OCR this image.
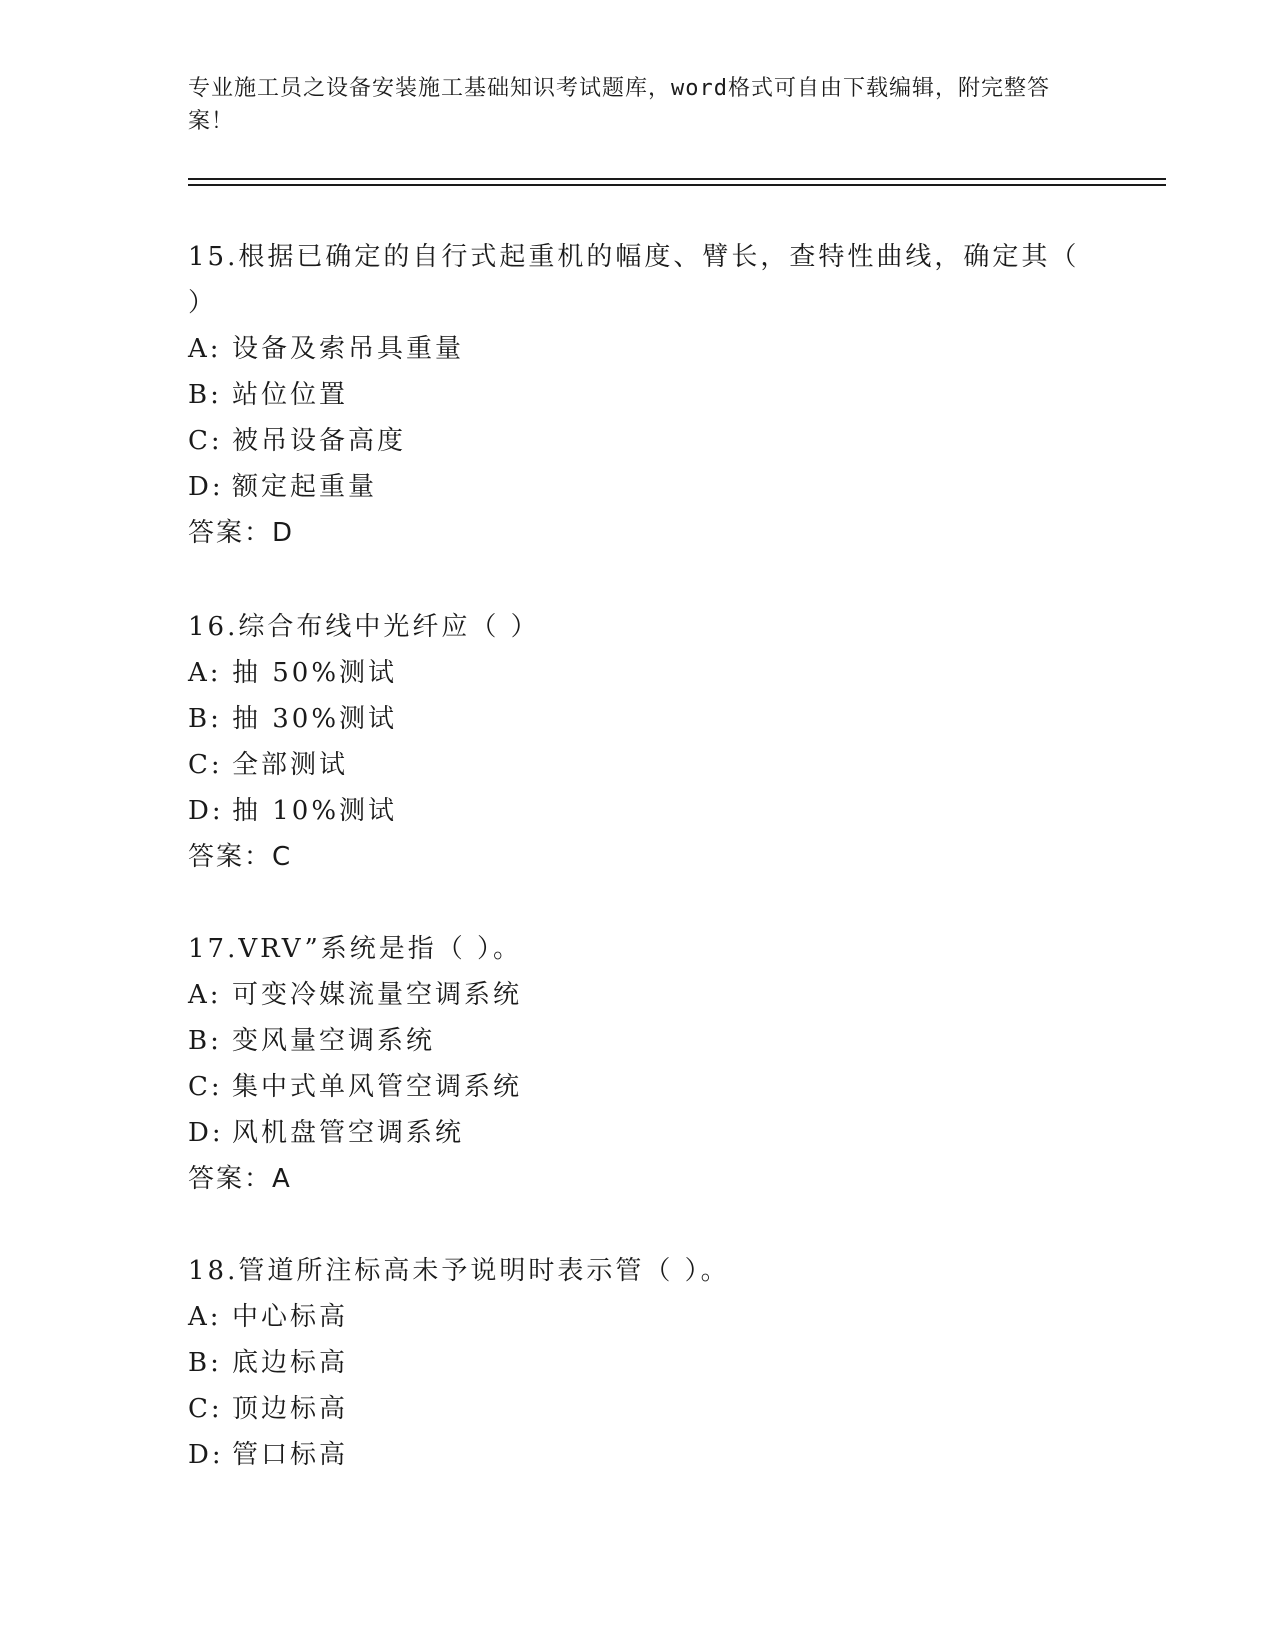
专业施工员之设备安装施工基础知识考试题库，word格式可自由下载编辑，附完整答案！

15.根据已确定的自行式起重机的幅度、臂长，查特性曲线，确定其（ ）

A: 设备及索吊具重量
B: 站位位置
C: 被吊设备高度
D: 额定起重量
答案：D

16.综合布线中光纤应（ ）

A: 抽 50%测试
B: 抽 30%测试
C: 全部测试
D: 抽 10%测试
答案：C

17.VRV”系统是指（ ）。

A: 可变冷媒流量空调系统
B: 变风量空调系统
C: 集中式单风管空调系统
D: 风机盘管空调系统
答案：A

18.管道所注标高未予说明时表示管（ ）。

A: 中心标高
B: 底边标高
C: 顶边标高
D: 管口标高
